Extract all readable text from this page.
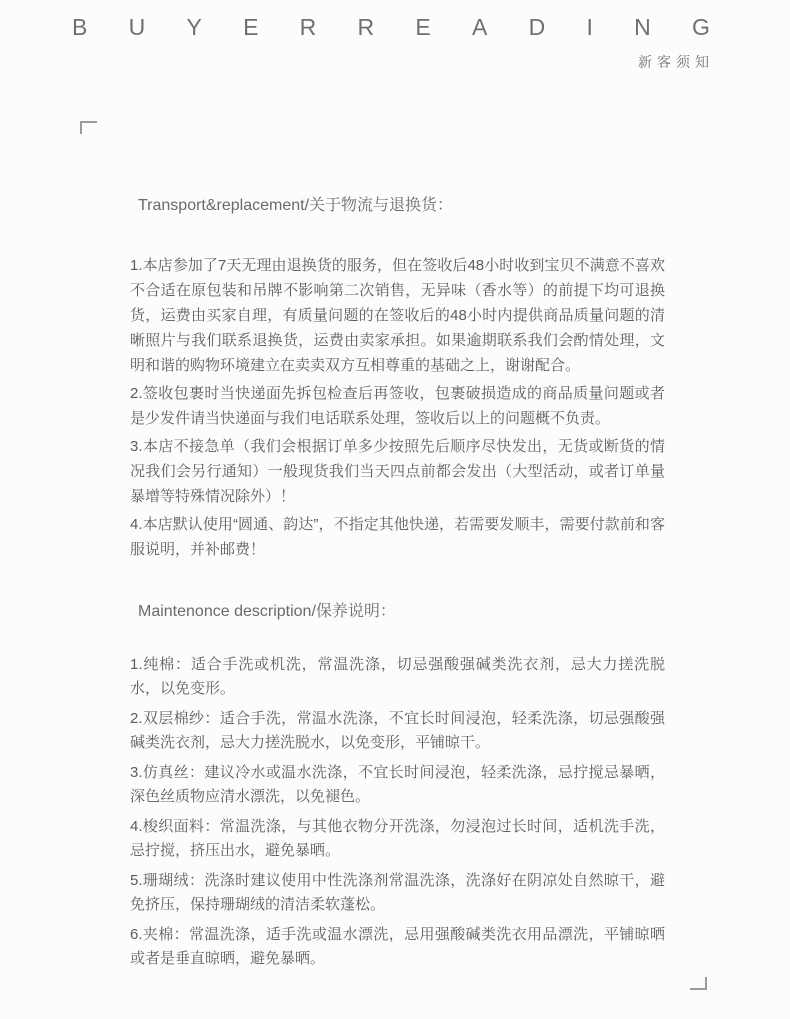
B U Y E R R E A D I N G
新客须知
Transport&replacement/关于物流与退换货：

1.本店参加了7天无理由退换货的服务，但在签收后48小时收到宝贝不满意不喜欢不合适在原包装和吊牌不影响第二次销售，无异味（香水等）的前提下均可退换货，运费由买家自理，有质量问题的在签收后的48小时内提供商品质量问题的清晰照片与我们联系退换货，运费由卖家承担。如果逾期联系我们会酌情处理，文明和谐的购物环境建立在卖卖双方互相尊重的基础之上，谢谢配合。

2.签收包裹时当快递面先拆包检查后再签收，包裹破损造成的商品质量问题或者是少发件请当快递面与我们电话联系处理，签收后以上的问题概不负责。

3.本店不接急单（我们会根据订单多少按照先后顺序尽快发出，无货或断货的情况我们会另行通知）一般现货我们当天四点前都会发出（大型活动，或者订单量暴增等特殊情况除外）！

4.本店默认使用“圆通、韵达”，不指定其他快递，若需要发顺丰，需要付款前和客服说明，并补邮费！

Maintenonce description/保养说明：

1.纯棉：适合手洗或机洗，常温洗涤，切忌强酸强碱类洗衣剂，忌大力搓洗脱水，以免变形。

2.双层棉纱：适合手洗，常温水洗涤，不宜长时间浸泡，轻柔洗涤，切忌强酸强碱类洗衣剂，忌大力搓洗脱水，以免变形，平铺晾干。

3.仿真丝：建议冷水或温水洗涤，不宜长时间浸泡，轻柔洗涤，忌拧搅忌暴晒，深色丝质物应清水漂洗，以免褪色。

4.梭织面料：常温洗涤，与其他衣物分开洗涤，勿浸泡过长时间，适机洗手洗，忌拧搅，挤压出水，避免暴晒。

5.珊瑚绒：洗涤时建议使用中性洗涤剂常温洗涤，洗涤好在阴凉处自然晾干，避免挤压，保持珊瑚绒的清洁柔软蓬松。

6.夹棉：常温洗涤，适手洗或温水漂洗，忌用强酸碱类洗衣用品漂洗，平铺晾晒或者是垂直晾晒，避免暴晒。
